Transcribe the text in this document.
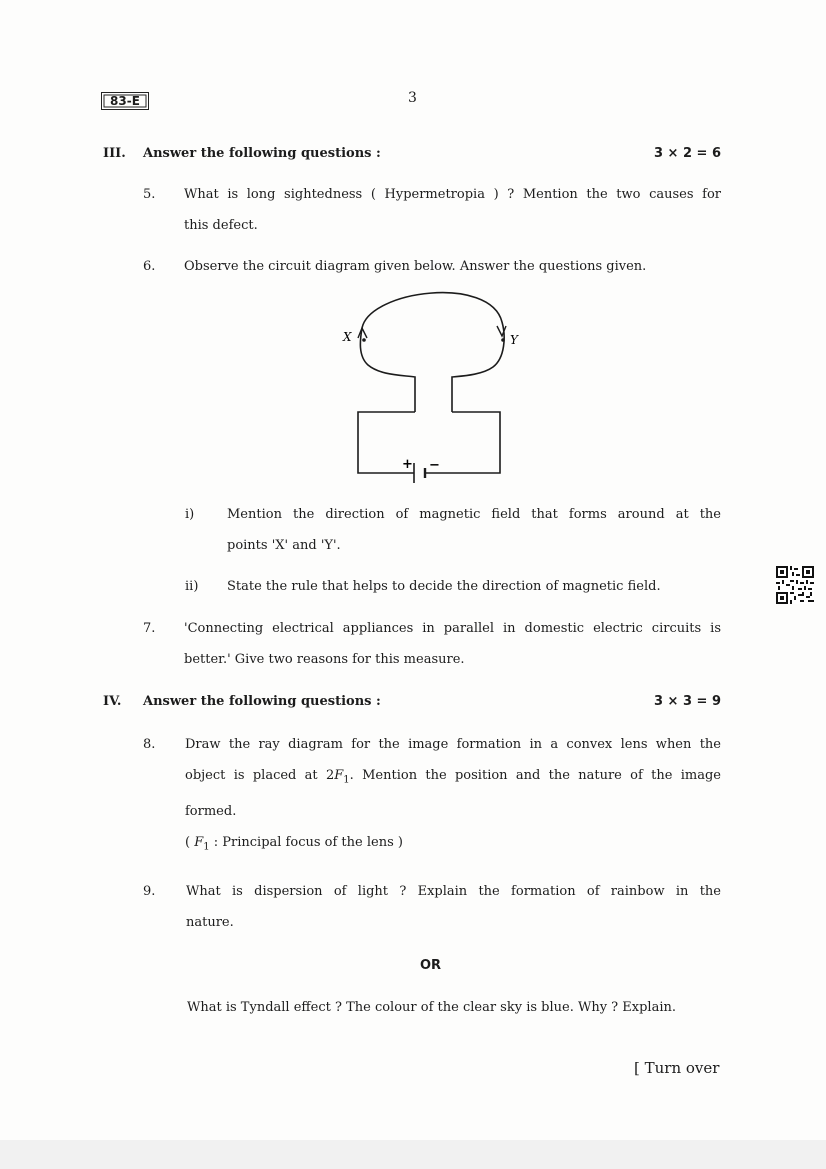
83-E	3
III. Answer the following questions :	3 × 2 = 6
5. What is long sightedness ( Hypermetropia ) ? Mention the two causes for
this defect.
6. Observe the circuit diagram given below. Answer the questions given.
X	Y
+ −
i)	Mention the direction of magnetic field that forms around at the
points 'X' and 'Y'.
ii) State the rule that helps to decide the direction of magnetic field.
7. 'Connecting electrical appliances in parallel in domestic electric circuits is
better.' Give two reasons for this measure.
IV. Answer the following questions :	3 × 3 = 9
8. Draw the ray diagram for the image formation in a convex lens when the
object is placed at $2F_1$. Mention the position and the nature of the image
formed.
( $F_1$ : Principal focus of the lens )
9. What is dispersion of light ? Explain the formation of rainbow in the
nature.
OR
What is Tyndall effect ? The colour of the clear sky is blue. Why ? Explain.
[ Turn over
